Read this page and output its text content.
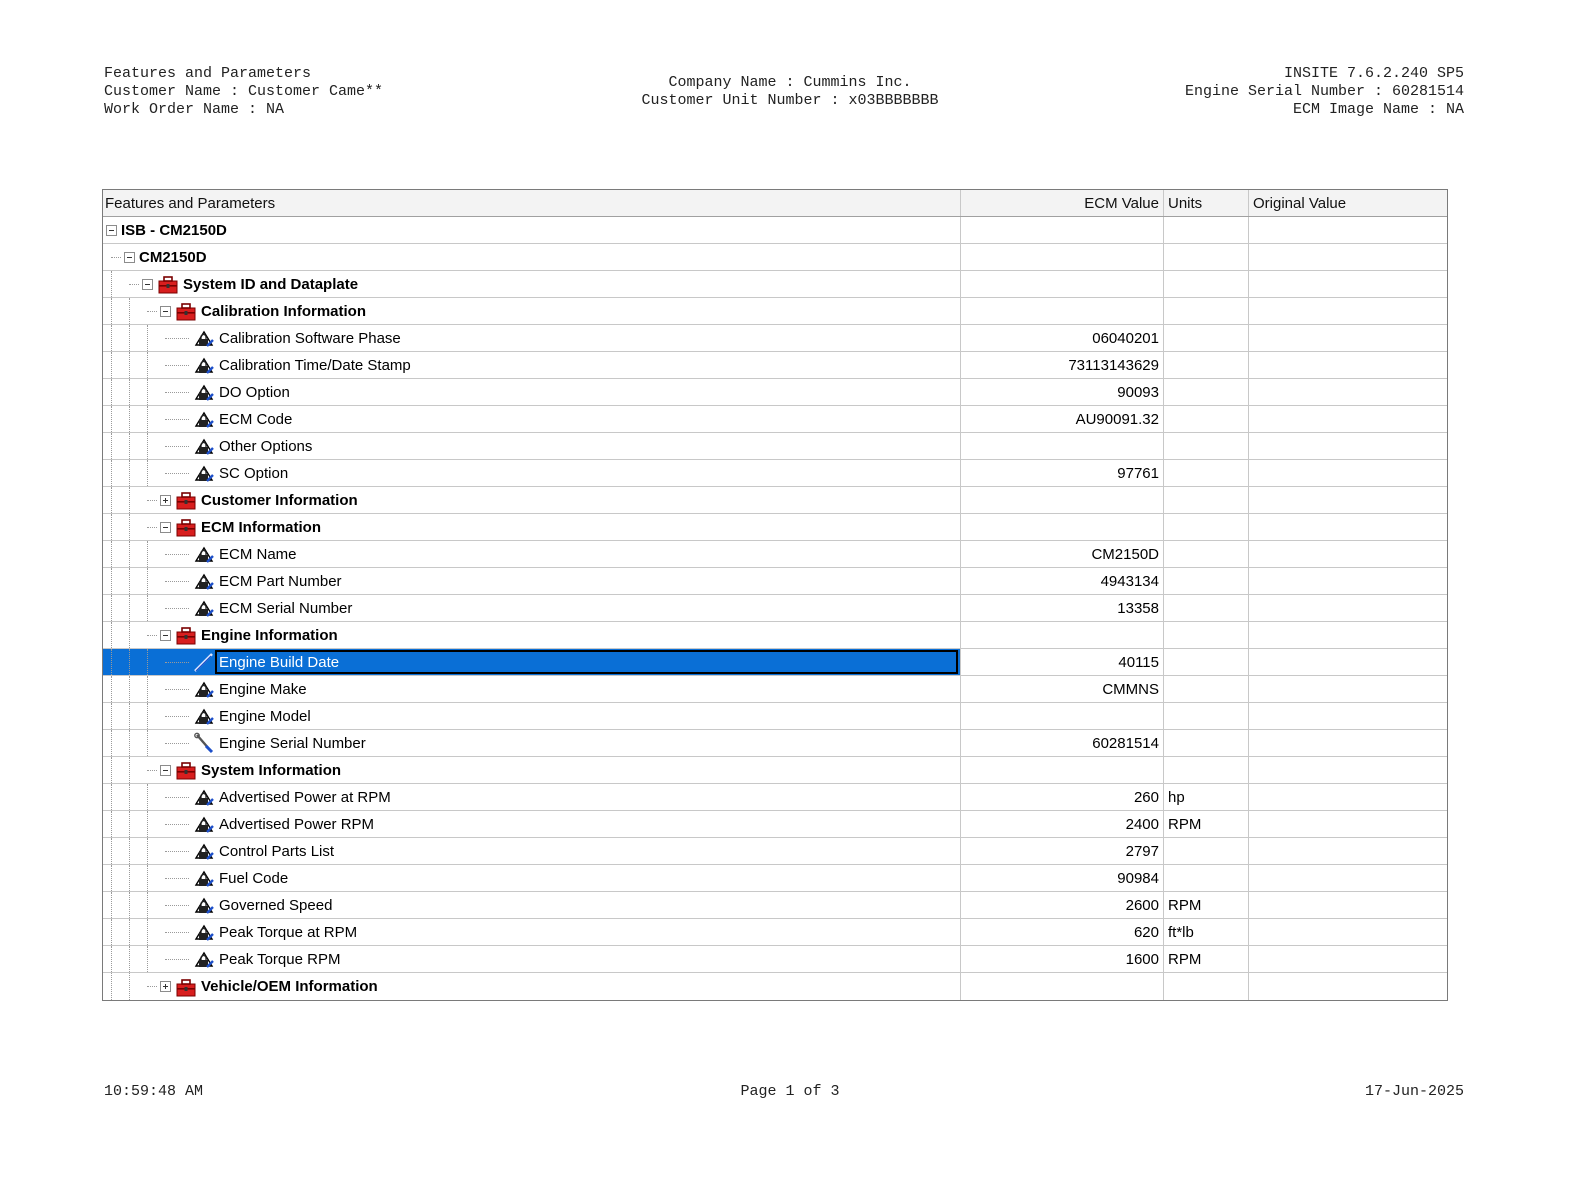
Features and Parameters
Customer Name : Customer Came**
Work Order Name : NA
Company Name : Cummins Inc.
Customer Unit Number : x03BBBBBBB
INSITE 7.6.2.240 SP5
Engine Serial Number : 60281514
ECM Image Name : NA
Features and Parameters	ECM Value Units	Original Value
ISB - CM2150D
CM2150D
System ID and Dataplate
Calibration Information
Calibration Software Phase	06040201
Calibration Time/Date Stamp	73113143629
DO Option	90093
ECM Code	AU90091.32
Other Options
SC Option	97761
Customer Information
ECM Information
ECM Name	CM2150D
ECM Part Number	4943134
ECM Serial Number	13358
Engine Information
Engine Build Date	40115
Engine Make	CMMNS
Engine Model
Engine Serial Number	60281514
System Information
Advertised Power at RPM	260 hp
Advertised Power RPM	2400 RPM
Control Parts List	2797
Fuel Code	90984
Governed Speed	2600 RPM
Peak Torque at RPM	620 ft*lb
Peak Torque RPM	1600 RPM
Vehicle/OEM Information
10:59:48 AM	Page 1 of 3	17-Jun-2025
